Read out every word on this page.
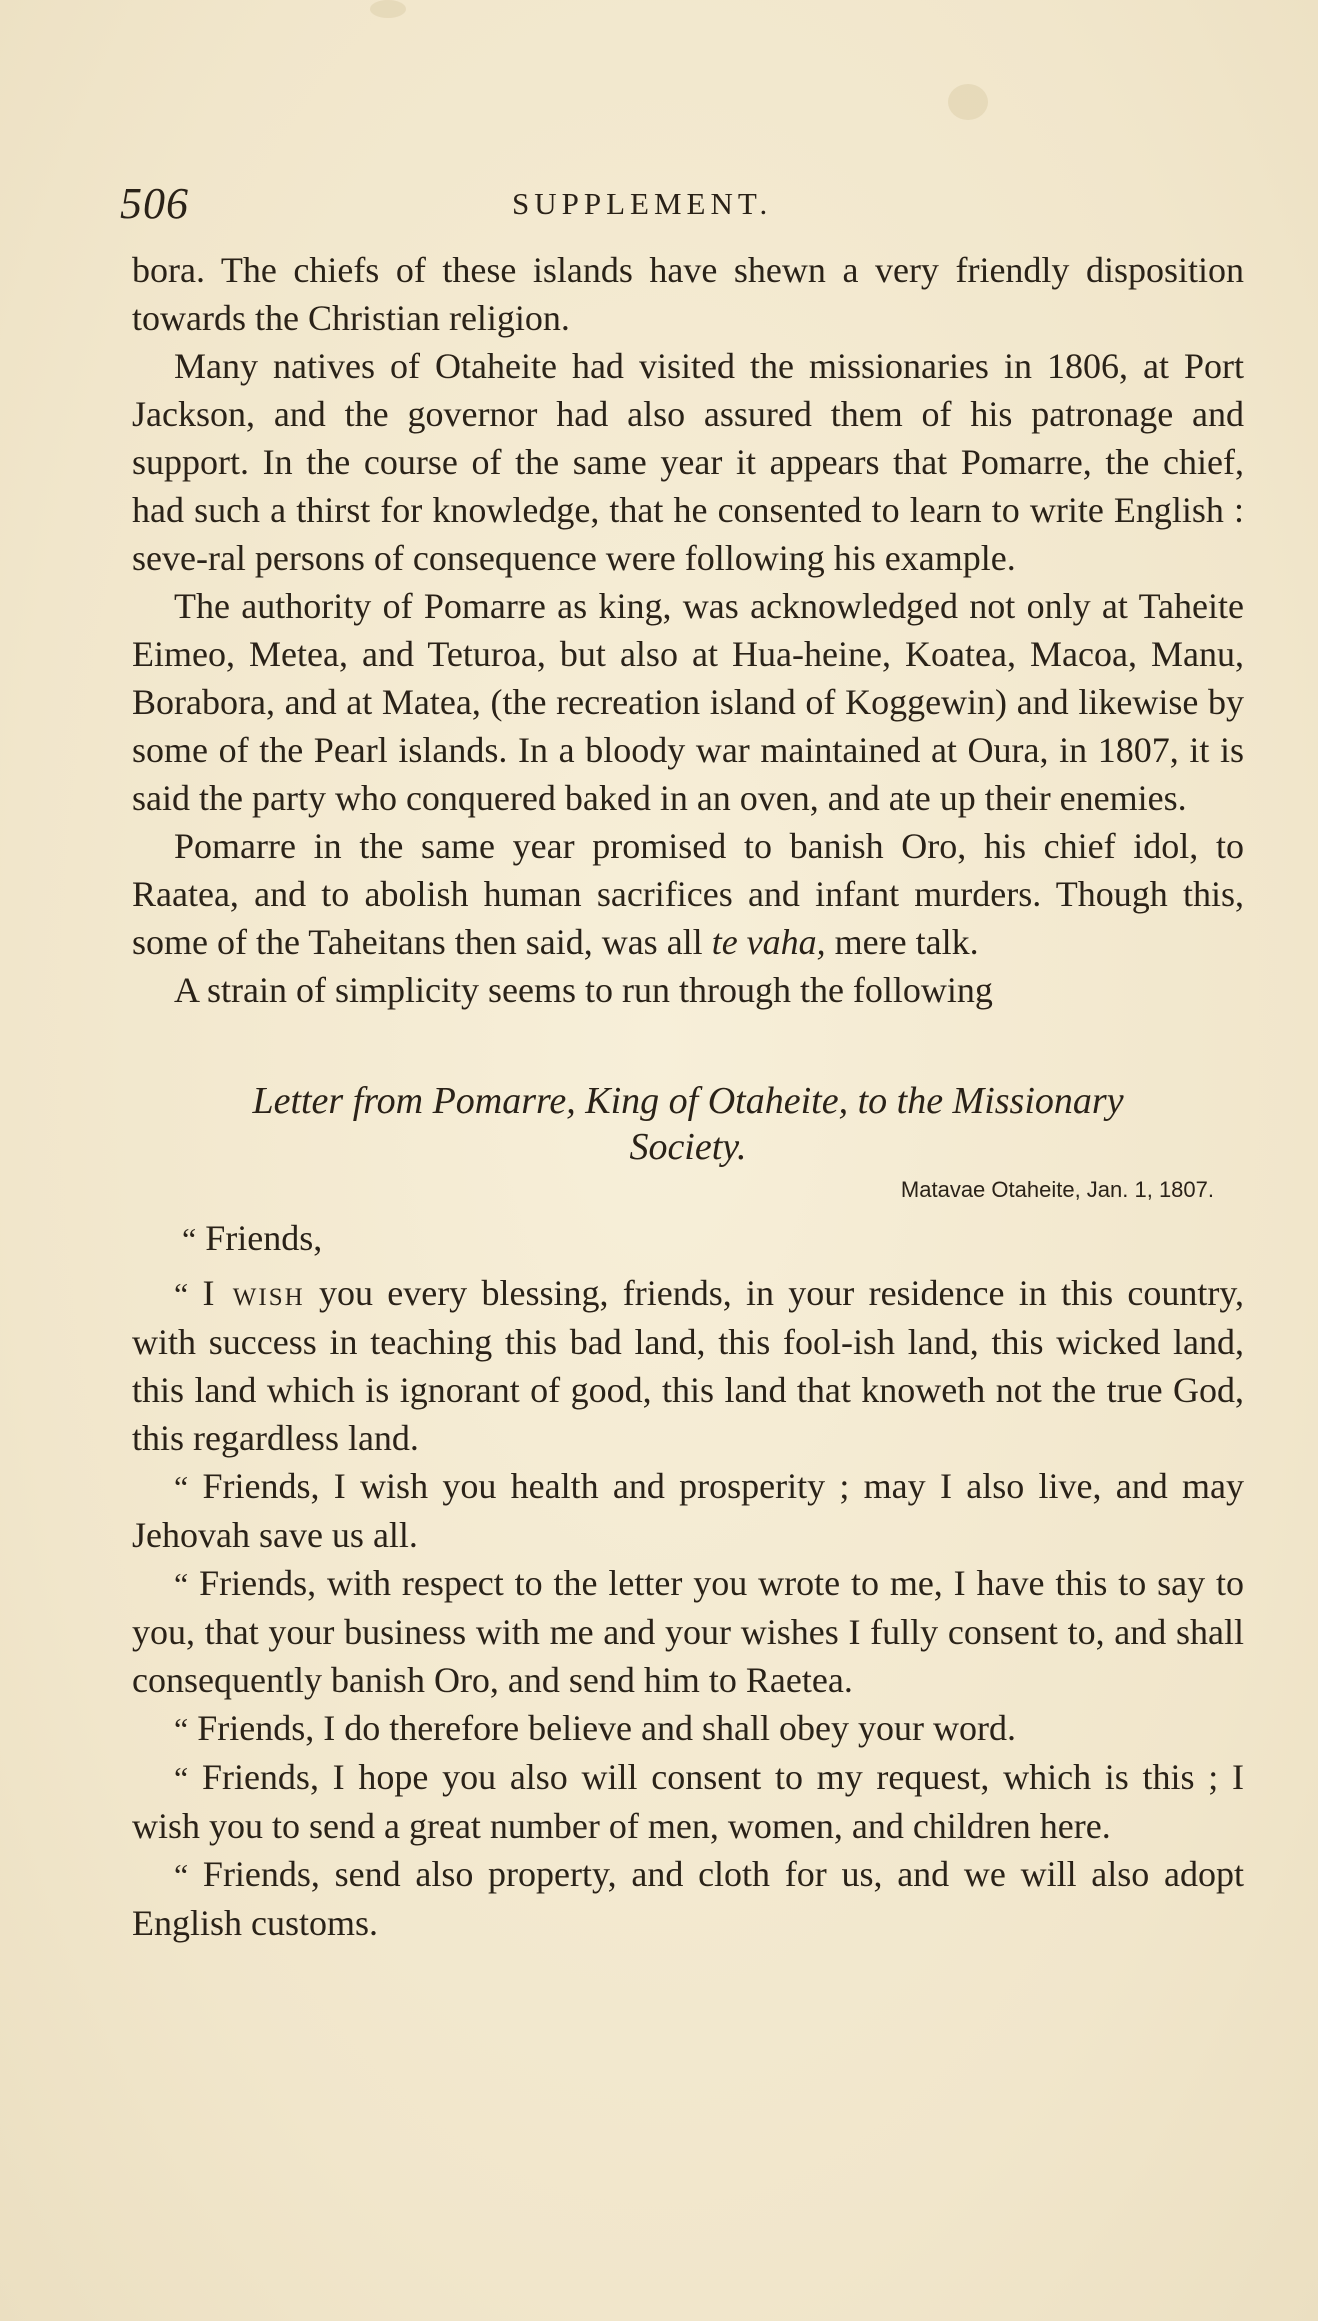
506	SUPPLEMENT.

bora. The chiefs of these islands have shewn a very friendly disposition towards the Christian religion.

Many natives of Otaheite had visited the missionaries in 1806, at Port Jackson, and the governor had also assured them of his patronage and support. In the course of the same year it appears that Pomarre, the chief, had such a thirst for knowledge, that he consented to learn to write English : seve-ral persons of consequence were following his example.

The authority of Pomarre as king, was acknowledged not only at Taheite Eimeo, Metea, and Teturoa, but also at Hua-heine, Koatea, Macoa, Manu, Borabora, and at Matea, (the recreation island of Koggewin) and likewise by some of the Pearl islands. In a bloody war maintained at Oura, in 1807, it is said the party who conquered baked in an oven, and ate up their enemies.

Pomarre in the same year promised to banish Oro, his chief idol, to Raatea, and to abolish human sacrifices and infant murders. Though this, some of the Taheitans then said, was all te vaha, mere talk.

A strain of simplicity seems to run through the following

Letter from Pomarre, King of Otaheite, to the Missionary

Society.

Matavae Otaheite, Jan. 1, 1807.

“ Friends,

“ I wish you every blessing, friends, in your residence in this country, with success in teaching this bad land, this fool-ish land, this wicked land, this land which is ignorant of good, this land that knoweth not the true God, this regardless land.

“ Friends, I wish you health and prosperity ; may I also live, and may Jehovah save us all.

“ Friends, with respect to the letter you wrote to me, I have this to say to you, that your business with me and your wishes I fully consent to, and shall consequently banish Oro, and send him to Raetea.

“ Friends, I do therefore believe and shall obey your word.

“ Friends, I hope you also will consent to my request, which is this ; I wish you to send a great number of men, women, and children here.

“ Friends, send also property, and cloth for us, and we will also adopt English customs.
